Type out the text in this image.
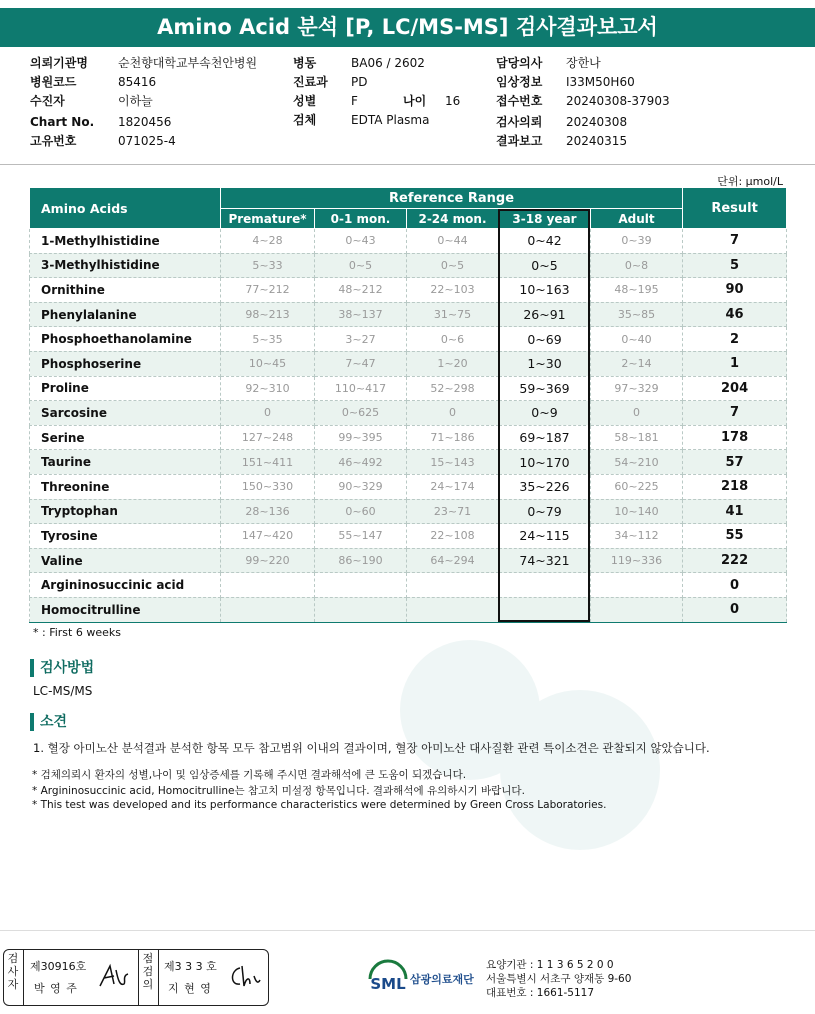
Amino Acid 분석 [P, LC/MS-MS] 검사결과보고서
의뢰기관명	순천향대학교부속천안병원
병원코드	85416
수진자	이하늘
Chart No. 1820456
고유번호	071025-4
병동	BA06 / 2602
진료과 PD
성별	F	나이 16
검체	EDTA Plasma
담당의사 장한나
임상정보 I33M50H60
접수번호 20240308-37903
검사의뢰 20240308
결과보고 20240315
단위: μmol/L
Amino Acids	Reference Range					Result
	Premature*	0-1 mon.	2-24 mon.	3-18 year	Adult	
1-Methylhistidine	4~28	0~43	0~44	0~42	0~39	7
3-Methylhistidine	5~33	0~5	0~5	0~5	0~8	5
Ornithine	77~212	48~212	22~103	10~163	48~195	90
Phenylalanine	98~213	38~137	31~75	26~91	35~85	46
Phosphoethanolamine	5~35	3~27	0~6	0~69	0~40	2
Phosphoserine	10~45	7~47	1~20	1~30	2~14	1
Proline	92~310	110~417	52~298	59~369	97~329	204
Sarcosine	0	0~625	0	0~9	0	7
Serine	127~248	99~395	71~186	69~187	58~181	178
Taurine	151~411	46~492	15~143	10~170	54~210	57
Threonine	150~330	90~329	24~174	35~226	60~225	218
Tryptophan	28~136	0~60	23~71	0~79	10~140	41
Tyrosine	147~420	55~147	22~108	24~115	34~112	55
Valine	99~220	86~190	64~294	74~321	119~336	222
Argininosuccinic acid						0
Homocitrulline						0
* : First 6 weeks
검사방법
LC-MS/MS
소견
1. 혈장 아미노산 분석결과 분석한 항목 모두 참고범위 이내의 결과이며, 혈장 아미노산 대사질환 관련 특이소견은 관찰되지 않았습니다.
* 검체의뢰시 환자의 성별,나이 및 임상증세를 기록해 주시면 결과해석에 큰 도움이 되겠습니다.
* Argininosuccinic acid, Homocitrulline는 참고치 미설정 항목입니다. 결과해석에 유의하시기 바랍니다.
* This test was developed and its performance characteristics were determined by Green Cross Laboratories.
검사자
제30916호
박 영 주
점검의
제3 3 3 호
지 현 영	SML 삼광의료재단
요양기관 : 1 1 3 6 5 2 0 0
서울특별시 서초구 양재동 9-60
대표번호 : 1661-5117
